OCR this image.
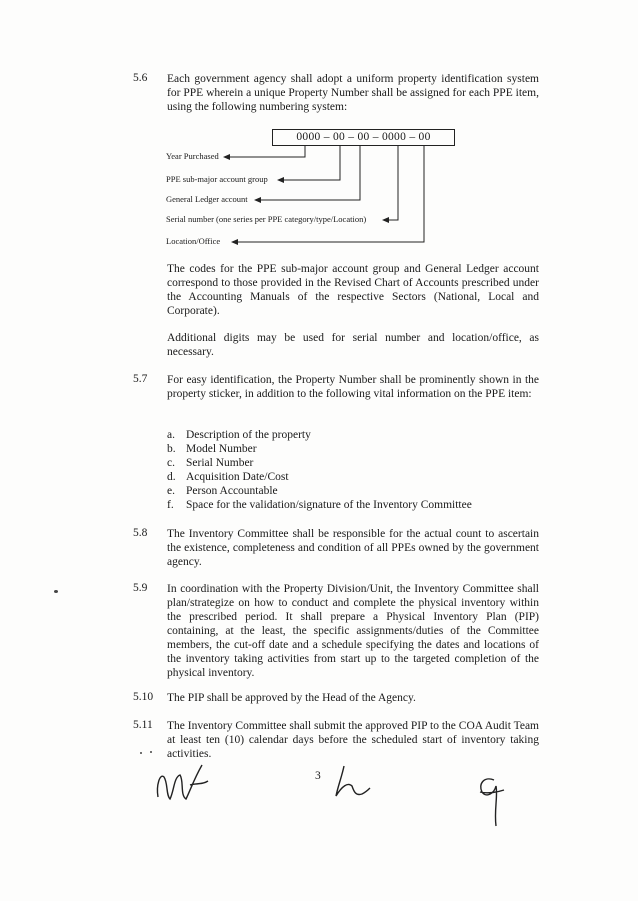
5.6 Each government agency shall adopt a uniform property identification system for PPE wherein a unique Property Number shall be assigned for each PPE item, using the following numbering system:
0000 – 00 – 00 – 0000 – 00
Year Purchased
PPE sub-major account group
General Ledger account
Serial number (one series per PPE category/type/Location)
Location/Office
The codes for the PPE sub-major account group and General Ledger account correspond to those provided in the Revised Chart of Accounts prescribed under the Accounting Manuals of the respective Sectors (National, Local and Corporate).
Additional digits may be used for serial number and location/office, as necessary.
5.7 For easy identification, the Property Number shall be prominently shown in the property sticker, in addition to the following vital information on the PPE item:
a. Description of the property
b. Model Number
c. Serial Number
d. Acquisition Date/Cost
e. Person Accountable
f.	Space for the validation/signature of the Inventory Committee
5.8 The Inventory Committee shall be responsible for the actual count to ascertain the existence, completeness and condition of all PPEs owned by the government agency.
5.9 In coordination with the Property Division/Unit, the Inventory Committee shall plan/strategize on how to conduct and complete the physical inventory within the prescribed period. It shall prepare a Physical Inventory Plan (PIP) containing, at the least, the specific assignments/duties of the Committee members, the cut-off date and a schedule specifying the dates and locations of the inventory taking activities from start up to the targeted completion of the physical inventory.
5.10 The PIP shall be approved by the Head of the Agency.
5.11 The Inventory Committee shall submit the approved PIP to the COA Audit Team at least ten (10) calendar days before the scheduled start of inventory taking activities.
3
